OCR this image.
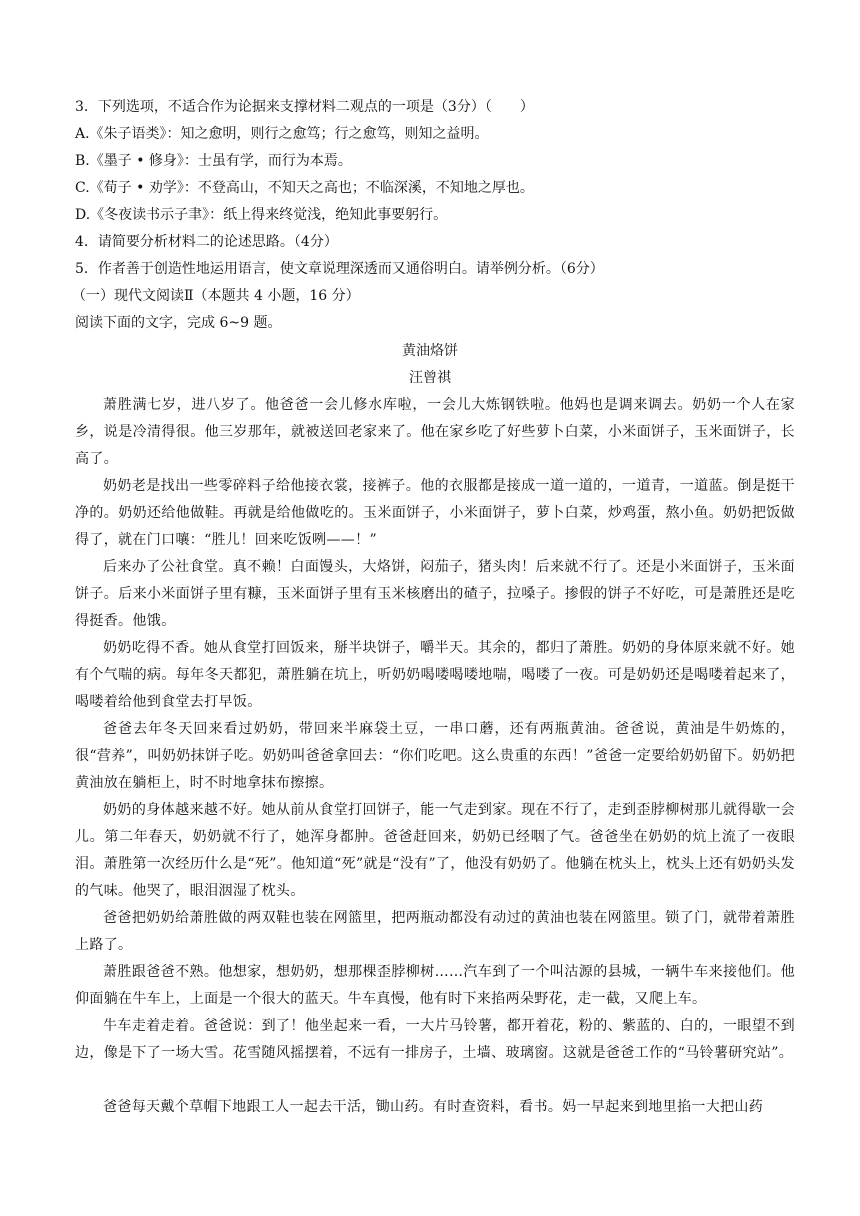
3．下列选项，不适合作为论据来支撑材料二观点的一项是（3分）（　　）
A.《朱子语类》：知之愈明，则行之愈笃；行之愈笃，则知之益明。
B.《墨子 • 修身》：士虽有学，而行为本焉。
C.《荀子 • 劝学》：不登高山，不知天之高也；不临深溪，不知地之厚也。
D.《冬夜读书示子聿》：纸上得来终觉浅，绝知此事要躬行。
4．请简要分析材料二的论述思路。（4分）
5．作者善于创造性地运用语言，使文章说理深透而又通俗明白。请举例分析。（6分）
（一）现代文阅读Ⅱ（本题共 4 小题，16 分）
阅读下面的文字，完成 6~9 题。
黄油烙饼
汪曾祺
萧胜满七岁，进八岁了。他爸爸一会儿修水库啦，一会儿大炼钢铁啦。他妈也是调来调去。奶奶一个人在家乡，说是冷清得很。他三岁那年，就被送回老家来了。他在家乡吃了好些萝卜白菜，小米面饼子，玉米面饼子，长高了。
奶奶老是找出一些零碎料子给他接衣裳，接裤子。他的衣服都是接成一道一道的，一道青，一道蓝。倒是挺干净的。奶奶还给他做鞋。再就是给他做吃的。玉米面饼子，小米面饼子，萝卜白菜，炒鸡蛋，熬小鱼。奶奶把饭做得了，就在门口嚷：“胜儿！回来吃饭咧——！”
后来办了公社食堂。真不赖！白面馒头，大烙饼，闷茄子，猪头肉！后来就不行了。还是小米面饼子，玉米面饼子。后来小米面饼子里有糠，玉米面饼子里有玉米核磨出的碴子，拉嗓子。掺假的饼子不好吃，可是萧胜还是吃得挺香。他饿。
奶奶吃得不香。她从食堂打回饭来，掰半块饼子，嚼半天。其余的，都归了萧胜。奶奶的身体原来就不好。她有个气喘的病。每年冬天都犯，萧胜躺在坑上，听奶奶喝喽喝喽地喘，喝喽了一夜。可是奶奶还是喝喽着起来了，喝喽着给他到食堂去打早饭。
爸爸去年冬天回来看过奶奶，带回来半麻袋土豆，一串口蘑，还有两瓶黄油。爸爸说，黄油是牛奶炼的，很“营养”，叫奶奶抹饼子吃。奶奶叫爸爸拿回去：“你们吃吧。这么贵重的东西！”爸爸一定要给奶奶留下。奶奶把黄油放在躺柜上，时不时地拿抹布擦擦。
奶奶的身体越来越不好。她从前从食堂打回饼子，能一气走到家。现在不行了，走到歪脖柳树那儿就得歇一会儿。第二年春天，奶奶就不行了，她浑身都肿。爸爸赶回来，奶奶已经咽了气。爸爸坐在奶奶的炕上流了一夜眼泪。萧胜第一次经历什么是“死”。他知道“死”就是“没有”了，他没有奶奶了。他躺在枕头上，枕头上还有奶奶头发的气味。他哭了，眼泪洇湿了枕头。
爸爸把奶奶给萧胜做的两双鞋也装在网篮里，把两瓶动都没有动过的黄油也装在网篮里。锁了门，就带着萧胜上路了。
萧胜跟爸爸不熟。他想家，想奶奶，想那棵歪脖柳树……汽车到了一个叫沽源的县城，一辆牛车来接他们。他仰面躺在牛车上，上面是一个很大的蓝天。牛车真慢，他有时下来掐两朵野花，走一截，又爬上车。
牛车走着走着。爸爸说：到了！他坐起来一看，一大片马铃薯，都开着花，粉的、紫蓝的、白的，一眼望不到边，像是下了一场大雪。花雪随风摇摆着，不远有一排房子，土墙、玻璃窗。这就是爸爸工作的“马铃薯研究站”。
爸爸每天戴个草帽下地跟工人一起去干活，锄山药。有时查资料，看书。妈一早起来到地里掐一大把山药
